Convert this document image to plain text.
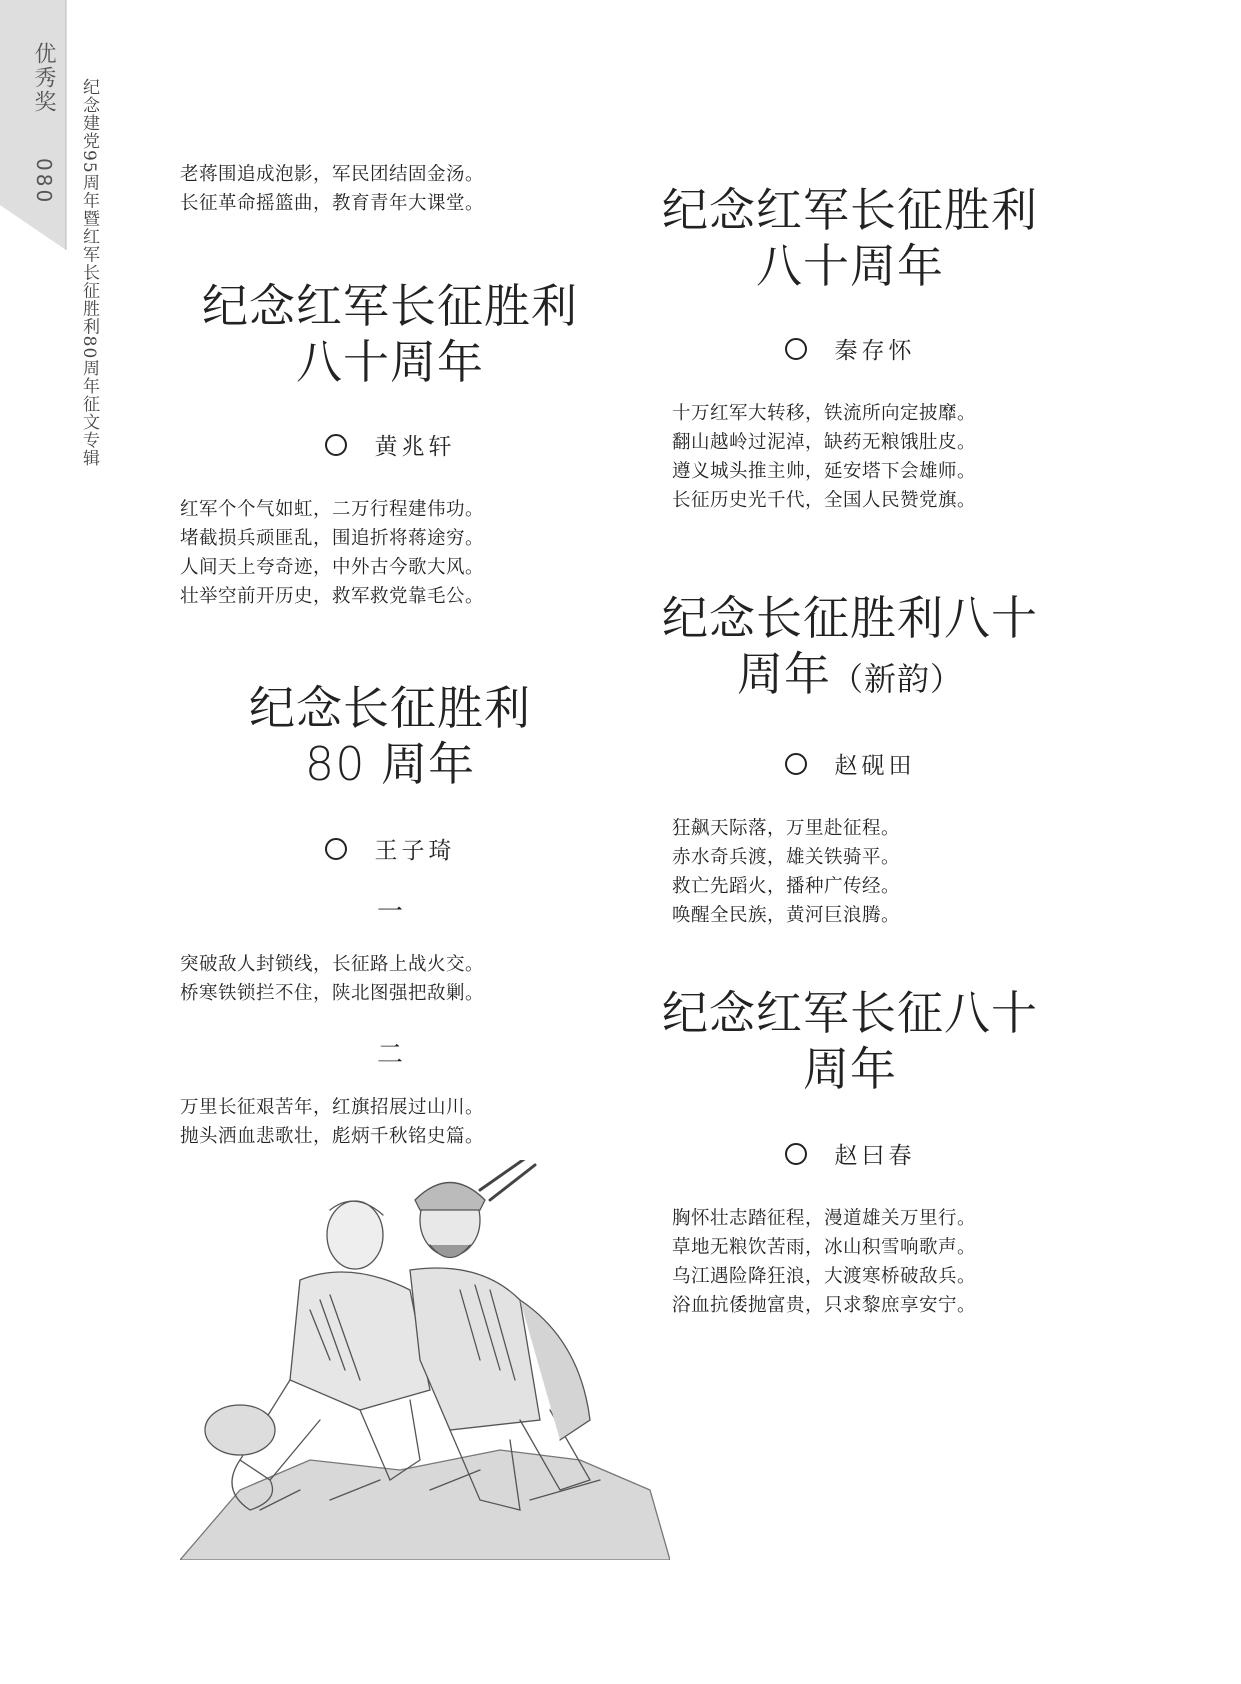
优秀奖
080 纪念建党95周年暨红军长征胜利80周年征文专辑	老蒋围追成泡影，军民团结固金汤。

长征革命摇篮曲，教育青年大课堂。

纪念红军长征胜利
八十周年

黄兆轩

红军个个气如虹，二万行程建伟功。

堵截损兵顽匪乱，围追折将蒋途穷。

人间天上夸奇迹，中外古今歌大风。

壮举空前开历史，救军救党靠毛公。

纪念长征胜利
80 周年

王子琦

一

突破敌人封锁线，长征路上战火交。

桥寒铁锁拦不住，陕北图强把敌剿。

二

万里长征艰苦年，红旗招展过山川。

抛头洒血悲歌壮，彪炳千秋铭史篇。

纪念红军长征胜利
八十周年

秦存怀

十万红军大转移，铁流所向定披靡。

翻山越岭过泥淖，缺药无粮饿肚皮。

遵义城头推主帅，延安塔下会雄师。

长征历史光千代，全国人民赞党旗。

纪念长征胜利八十
周年（新韵）

赵砚田

狂飙天际落，万里赴征程。

赤水奇兵渡，雄关铁骑平。

救亡先蹈火，播种广传经。

唤醒全民族，黄河巨浪腾。

纪念红军长征八十
周年

赵曰春

胸怀壮志踏征程，漫道雄关万里行。

草地无粮饮苦雨，冰山积雪响歌声。

乌江遇险降狂浪，大渡寒桥破敌兵。

浴血抗倭抛富贵，只求黎庶享安宁。
